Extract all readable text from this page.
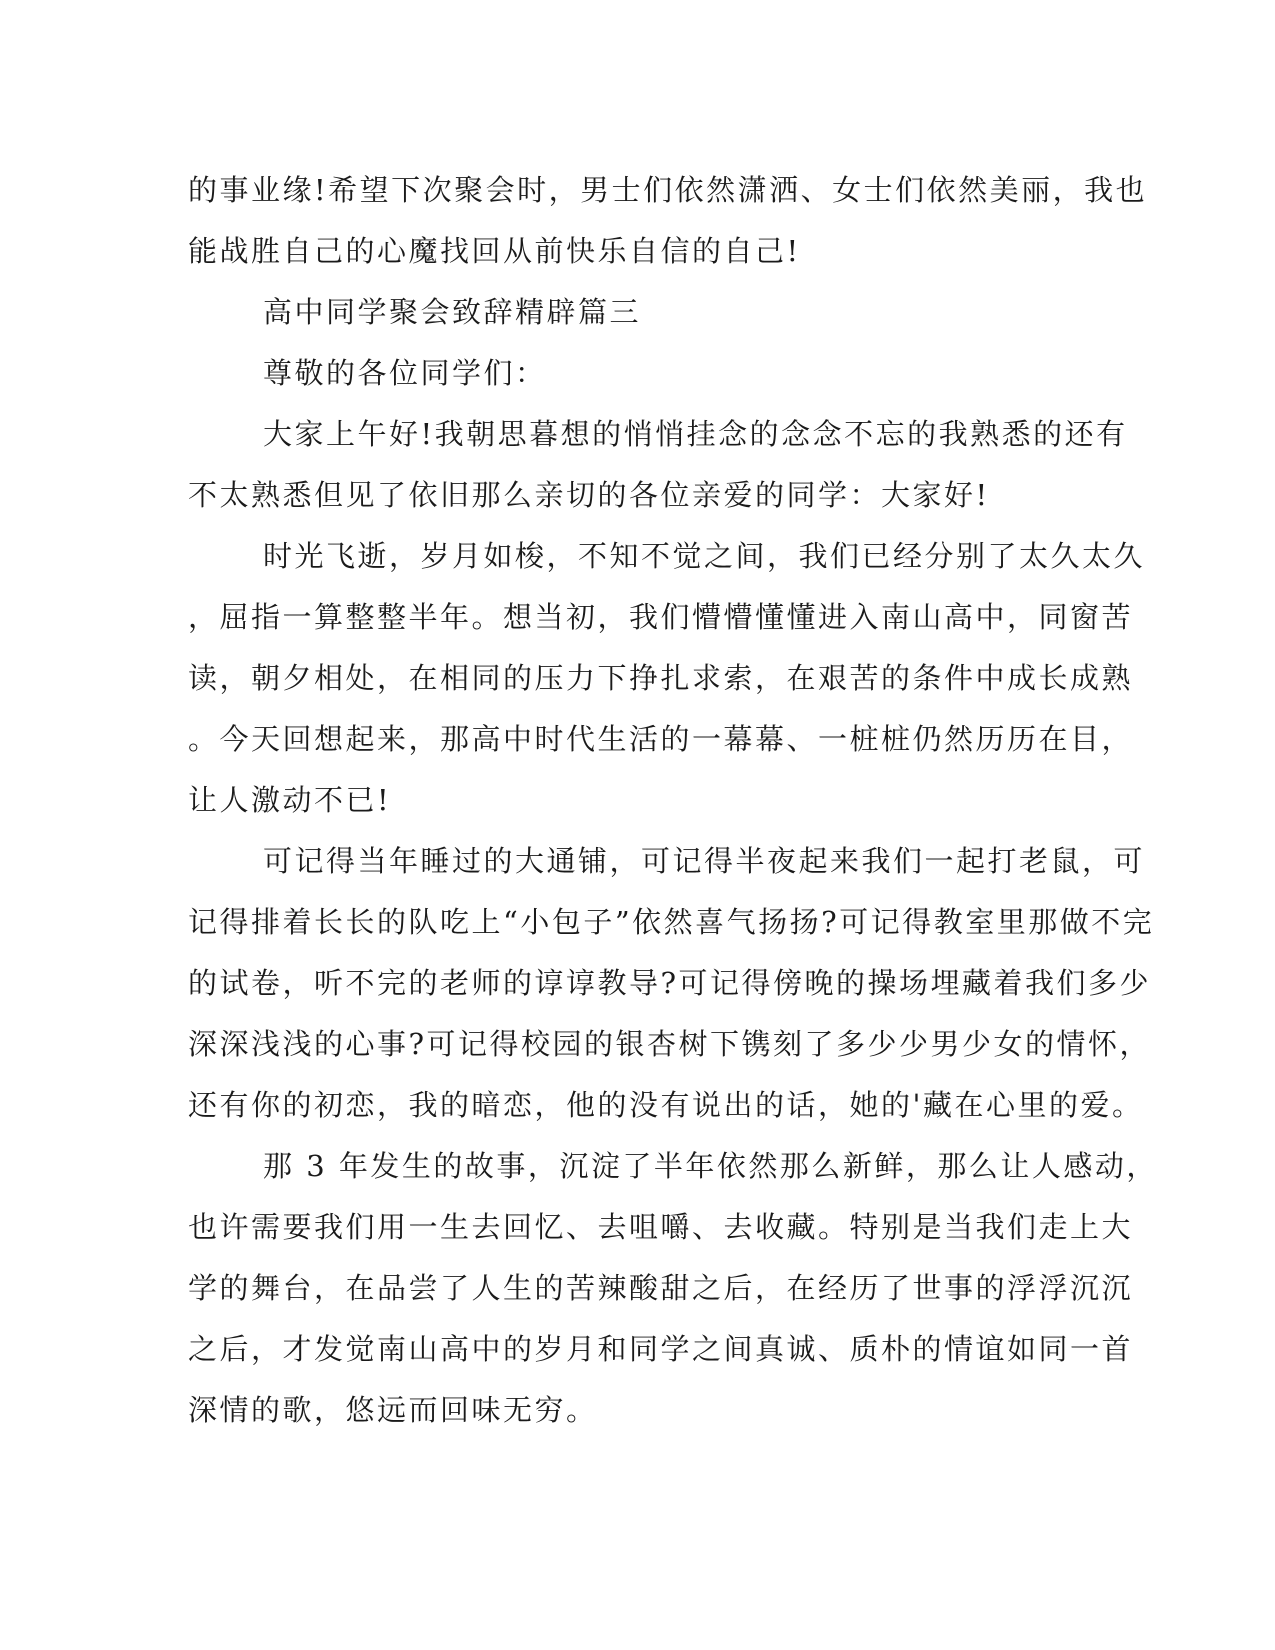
的事业缘!希望下次聚会时，男士们依然潇洒、女士们依然美丽，我也
能战胜自己的心魔找回从前快乐自信的自己!
高中同学聚会致辞精辟篇三
尊敬的各位同学们：
大家上午好!我朝思暮想的悄悄挂念的念念不忘的我熟悉的还有
不太熟悉但见了依旧那么亲切的各位亲爱的同学：大家好!
时光飞逝，岁月如梭，不知不觉之间，我们已经分别了太久太久
，屈指一算整整半年。想当初，我们懵懵懂懂进入南山高中，同窗苦
读，朝夕相处，在相同的压力下挣扎求索，在艰苦的条件中成长成熟
。今天回想起来，那高中时代生活的一幕幕、一桩桩仍然历历在目，
让人激动不已!
可记得当年睡过的大通铺，可记得半夜起来我们一起打老鼠，可
记得排着长长的队吃上“小包子”依然喜气扬扬?可记得教室里那做不完
的试卷，听不完的老师的谆谆教导?可记得傍晚的操场埋藏着我们多少
深深浅浅的心事?可记得校园的银杏树下镌刻了多少少男少女的情怀，
还有你的初恋，我的暗恋，他的没有说出的话，她的'藏在心里的爱。
那 3 年发生的故事，沉淀了半年依然那么新鲜，那么让人感动，
也许需要我们用一生去回忆、去咀嚼、去收藏。特别是当我们走上大
学的舞台，在品尝了人生的苦辣酸甜之后，在经历了世事的浮浮沉沉
之后，才发觉南山高中的岁月和同学之间真诚、质朴的情谊如同一首
深情的歌，悠远而回味无穷。
